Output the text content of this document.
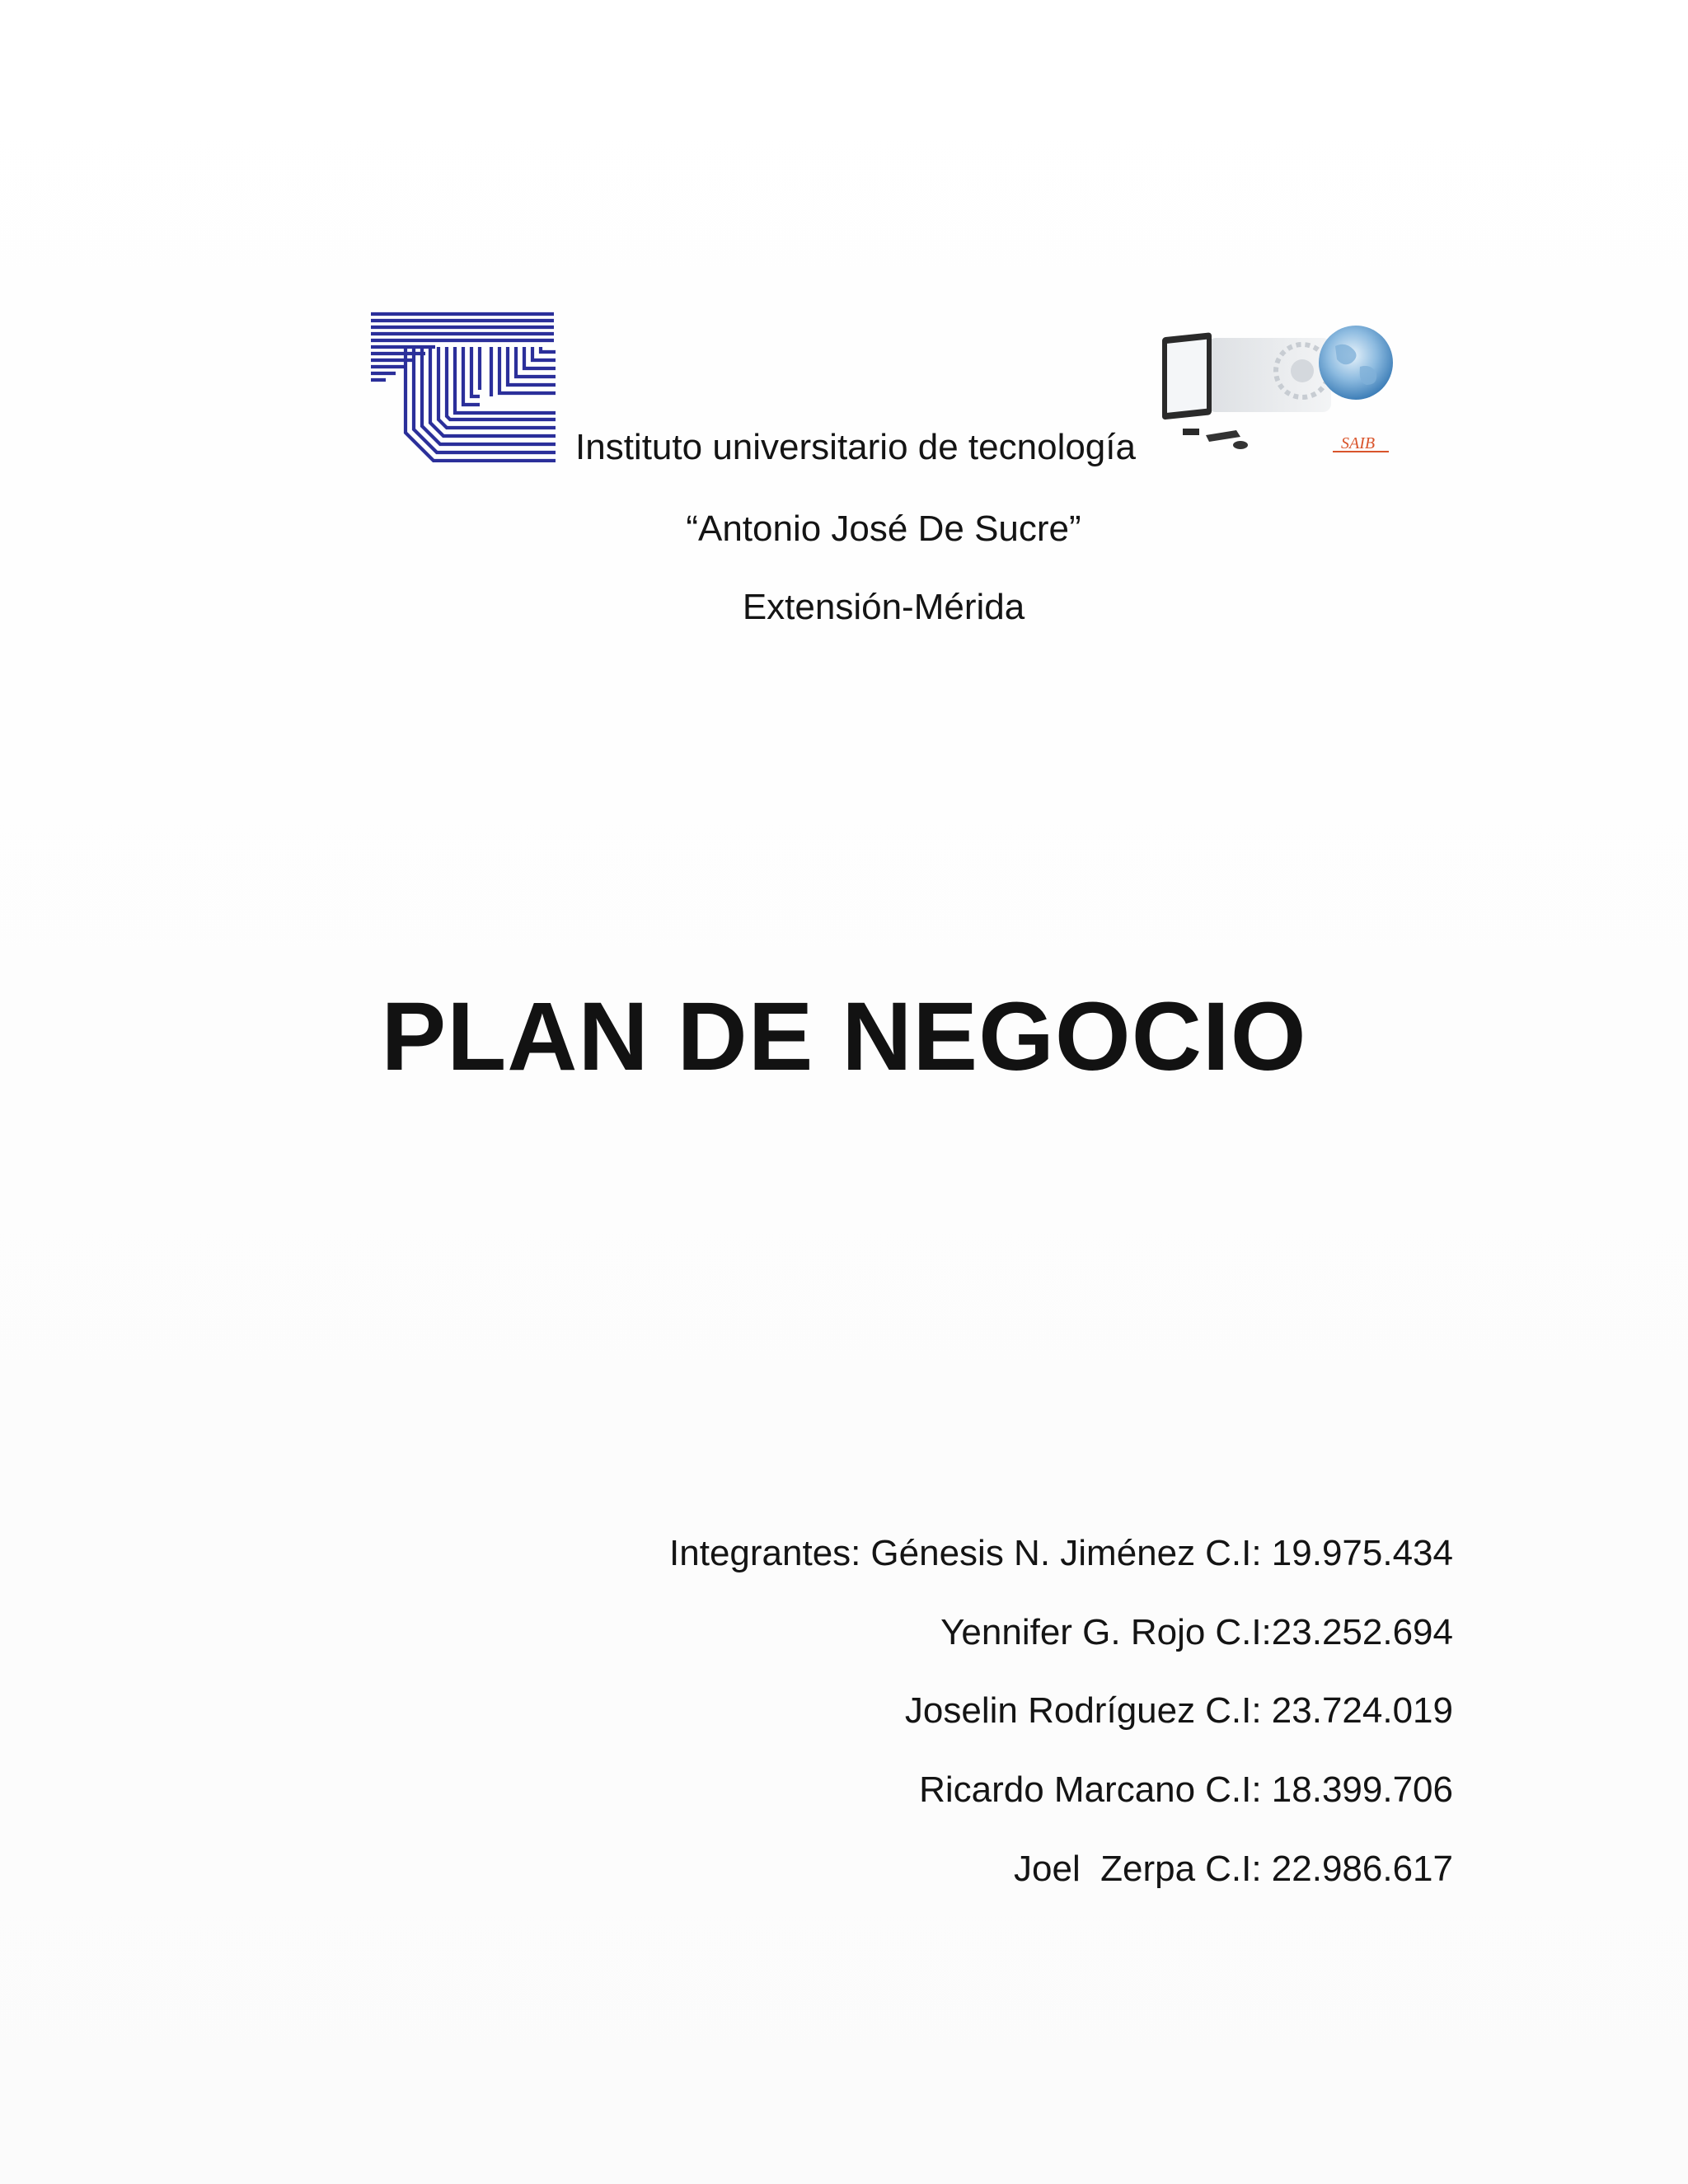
SAIB
Instituto universitario de tecnología
“Antonio José De Sucre”
Extensión-Mérida
PLAN DE NEGOCIO
Integrantes: Génesis N. Jiménez C.I: 19.975.434
Yennifer G. Rojo C.I:23.252.694
Joselin Rodríguez C.I: 23.724.019
Ricardo Marcano C.I: 18.399.706
Joel  Zerpa C.I: 22.986.617
